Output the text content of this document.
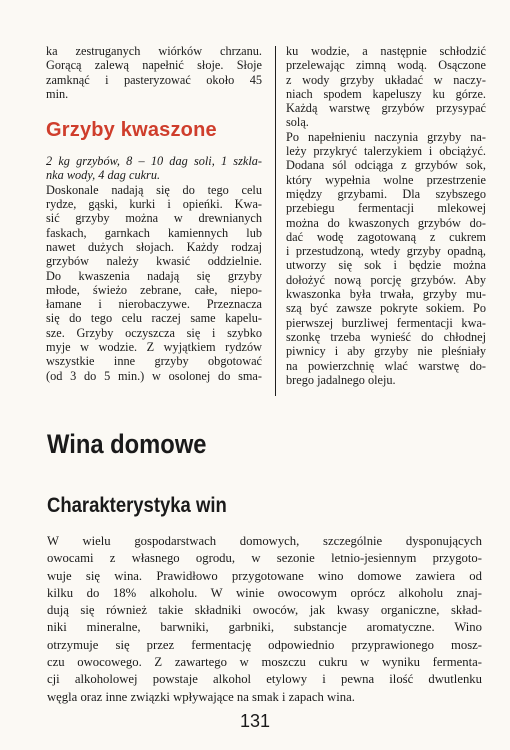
ka zestruganych wiórków chrzanu.
Gorącą zalewą napełnić słoje. Słoje
zamknąć i pasteryzować około 45
min.
Grzyby kwaszone
2 kg grzybów, 8 – 10 dag soli, 1 szkla-
nka wody, 4 dag cukru.
Doskonale nadają się do tego celu
rydze, gąski, kurki i opieńki. Kwa-
sić grzyby można w drewnianych
faskach, garnkach kamiennych lub
nawet dużych słojach. Każdy rodzaj
grzybów należy kwasić oddzielnie.
Do kwaszenia nadają się grzyby
młode, świeżo zebrane, całe, niepo-
łamane i nierobaczywe. Przeznacza
się do tego celu raczej same kapelu-
sze. Grzyby oczyszcza się i szybko
myje w wodzie. Z wyjątkiem rydzów
wszystkie inne grzyby obgotować
(od 3 do 5 min.) w osolonej do sma-
ku wodzie, a następnie schłodzić
przelewając zimną wodą. Osączone
z wody grzyby układać w naczy-
niach spodem kapeluszy ku górze.
Każdą warstwę grzybów przysypać
solą.
Po napełnieniu naczynia grzyby na-
leży przykryć talerzykiem i obciążyć.
Dodana sól odciąga z grzybów sok,
który wypełnia wolne przestrzenie
między grzybami. Dla szybszego
przebiegu fermentacji mlekowej
można do kwaszonych grzybów do-
dać wodę zagotowaną z cukrem
i przestudzoną, wtedy grzyby opadną,
utworzy się sok i będzie można
dołożyć nową porcję grzybów. Aby
kwaszonka była trwała, grzyby mu-
szą być zawsze pokryte sokiem. Po
pierwszej burzliwej fermentacji kwa-
szonkę trzeba wynieść do chłodnej
piwnicy i aby grzyby nie pleśniały
na powierzchnię wlać warstwę do-
brego jadalnego oleju.
Wina domowe
Charakterystyka win
W wielu gospodarstwach domowych, szczególnie dysponujących
owocami z własnego ogrodu, w sezonie letnio-jesiennym przygoto-
wuje się wina. Prawidłowo przygotowane wino domowe zawiera od
kilku do 18% alkoholu. W winie owocowym oprócz alkoholu znaj-
dują się również takie składniki owoców, jak kwasy organiczne, skład-
niki mineralne, barwniki, garbniki, substancje aromatyczne. Wino
otrzymuje się przez fermentację odpowiednio przyprawionego mosz-
czu owocowego. Z zawartego w moszczu cukru w wyniku fermenta-
cji alkoholowej powstaje alkohol etylowy i pewna ilość dwutlenku
węgla oraz inne związki wpływające na smak i zapach wina.
131
